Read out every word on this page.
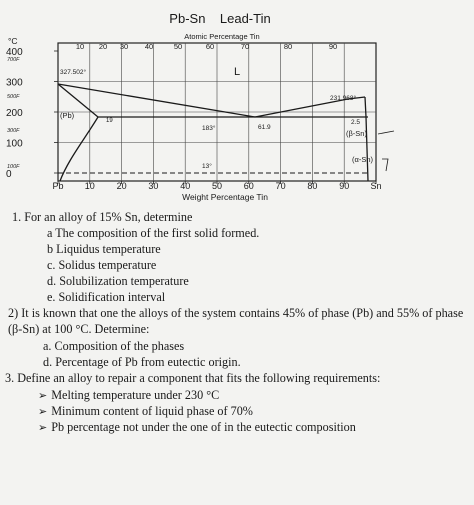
Pb-Sn    Lead-Tin
Atomic Percentage Tin
10 20 30 40	50	60	70	80	90
°C
400
300
200
100
0
700F
500F
300F
100F
327.502°	L
(Pb)
19
183°	61.9
231.968°
2.5
(β-Sn)
(α-Sn)
13°
Pb 10 20 30 40 50 60 70 80 90 Sn
Weight Percentage Tin
1. For an alloy of 15% Sn, determine
a The composition of the first solid formed.
b Liquidus temperature
c. Solidus temperature
d. Solubilization temperature
e. Solidification interval
2) It is known that one the alloys of the system contains 45% of phase (Pb) and 55% of phase
(β-Sn) at 100 °C. Determine:
a. Composition of the phases
d. Percentage of Pb from eutectic origin.
3. Define an alloy to repair a component that fits the following requirements:
➢ Melting temperature under 230 °C
➢ Minimum content of liquid phase of 70%
➢ Pb percentage not under the one of in the eutectic composition
